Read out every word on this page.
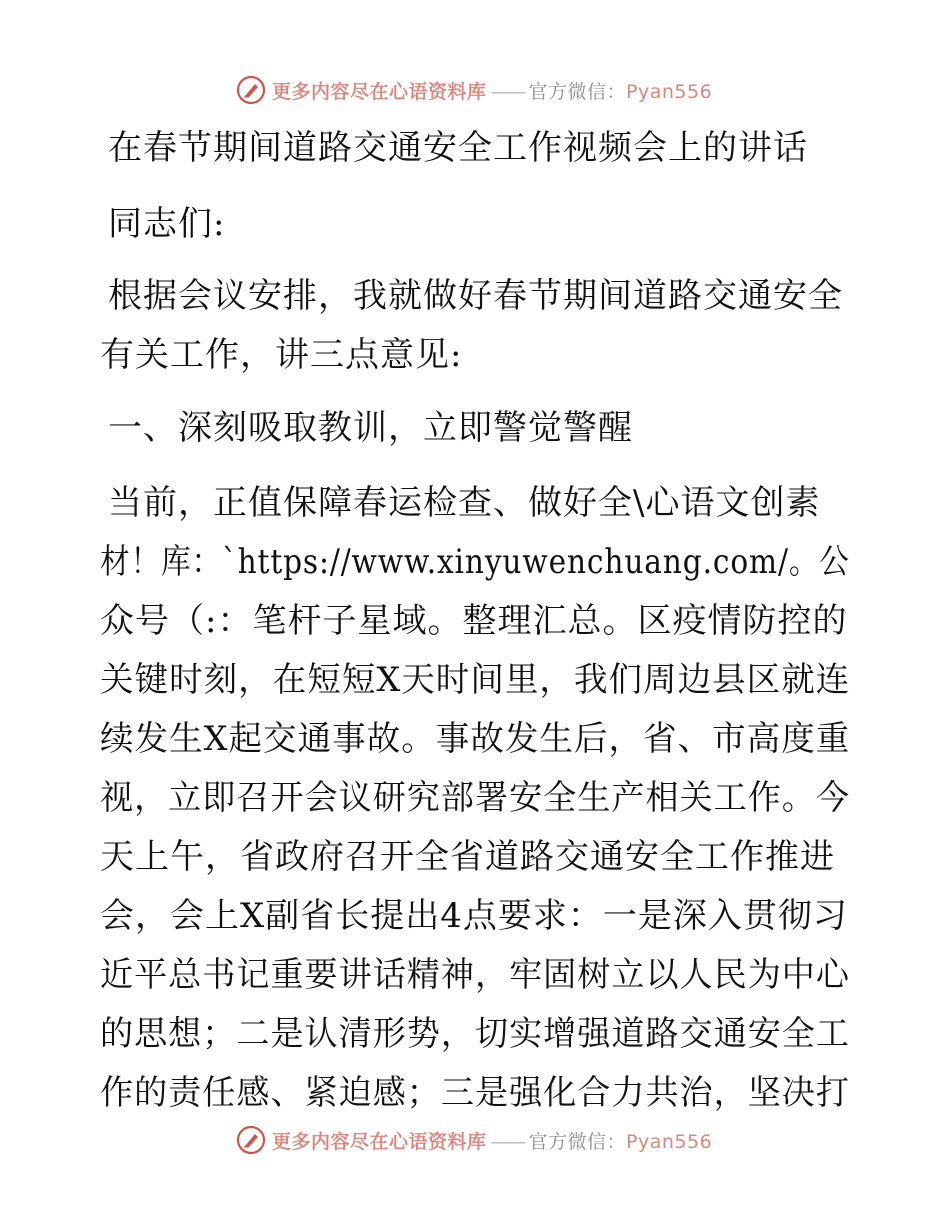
更多内容尽在心语资料库 —— 官方微信：Pyan556
在春节期间道路交通安全工作视频会上的讲话
同志们:
根据会议安排，我就做好春节期间道路交通安全
有关工作，讲三点意见:
一、深刻吸取教训，立即警觉警醒
当前，正值保障春运检查、做好全\心语文创素
材！库：`https://www.xinyuwenchuang.com/。公
众号（:：笔杆子星域。整理汇总。区疫情防控的
关键时刻，在短短X天时间里，我们周边县区就连
续发生X起交通事故。事故发生后，省、市高度重
视，立即召开会议研究部署安全生产相关工作。今
天上午，省政府召开全省道路交通安全工作推进
会，会上X副省长提出4点要求：一是深入贯彻习
近平总书记重要讲话精神，牢固树立以人民为中心
的思想；二是认清形势，切实增强道路交通安全工
作的责任感、紧迫感；三是强化合力共治，坚决打
更多内容尽在心语资料库 —— 官方微信：Pyan556
